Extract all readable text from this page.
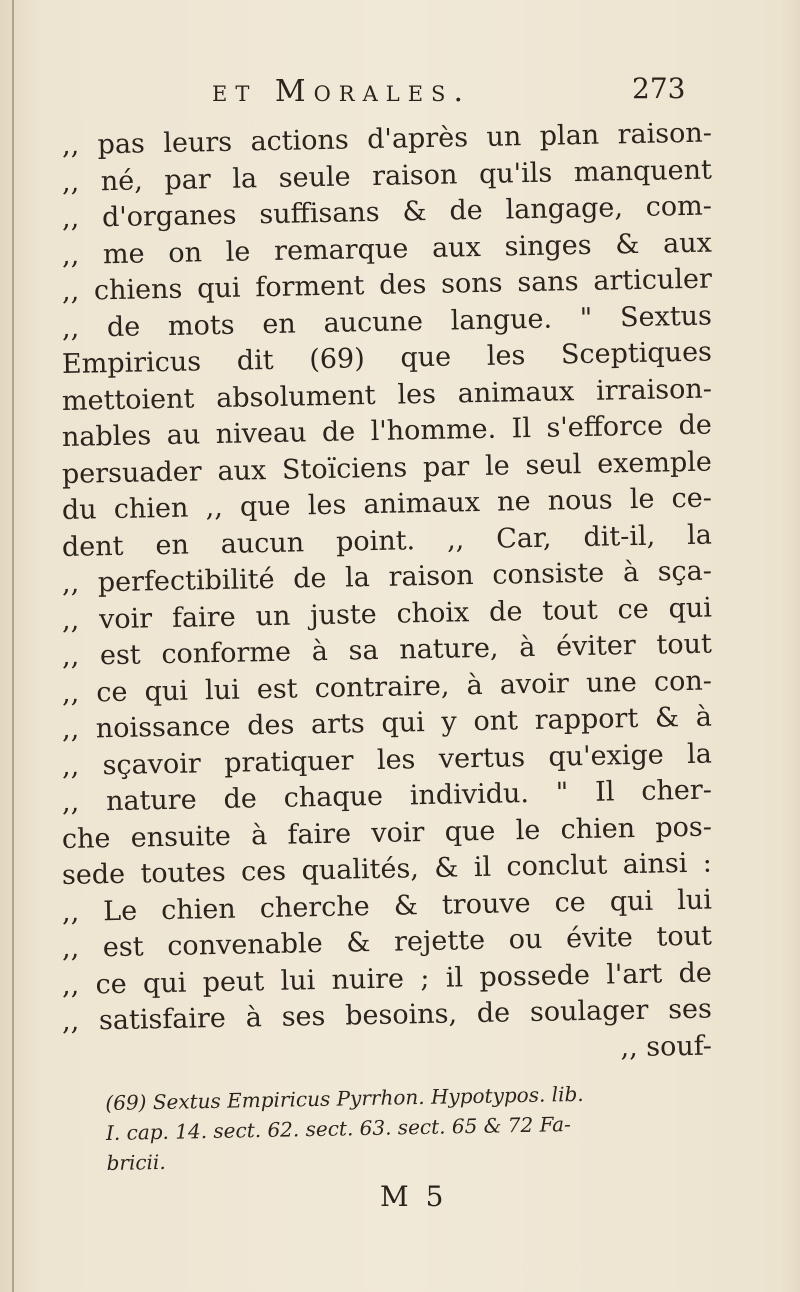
et Morales.	273
,, pas leurs actions d'après un plan raison-
,, né, par la seule raison qu'ils manquent
,, d'organes suffisans & de langage, com-
,, me on le remarque aux singes & aux
,, chiens qui forment des sons sans articuler
,, de mots en aucune langue. " Sextus
Empiricus dit (69) que les Sceptiques
mettoient absolument les animaux irraison-
nables au niveau de l'homme. Il s'efforce de
persuader aux Stoïciens par le seul exemple
du chien ,, que les animaux ne nous le ce-
dent en aucun point. ,, Car, dit-il, la
,, perfectibilité de la raison consiste à sça-
,, voir faire un juste choix de tout ce qui
,, est conforme à sa nature, à éviter tout
,, ce qui lui est contraire, à avoir une con-
,, noissance des arts qui y ont rapport & à
,, sçavoir pratiquer les vertus qu'exige la
,, nature de chaque individu. " Il cher-
che ensuite à faire voir que le chien pos-
sede toutes ces qualités, & il conclut ainsi :
,, Le chien cherche & trouve ce qui lui
,, est convenable & rejette ou évite tout
,, ce qui peut lui nuire ; il possede l'art de
,, satisfaire à ses besoins, de soulager ses
,, souf-
(69) Sextus Empiricus Pyrrhon. Hypotypos. lib.
I. cap. 14. sect. 62. sect. 63. sect. 65 & 72 Fa-
bricii.
M 5
